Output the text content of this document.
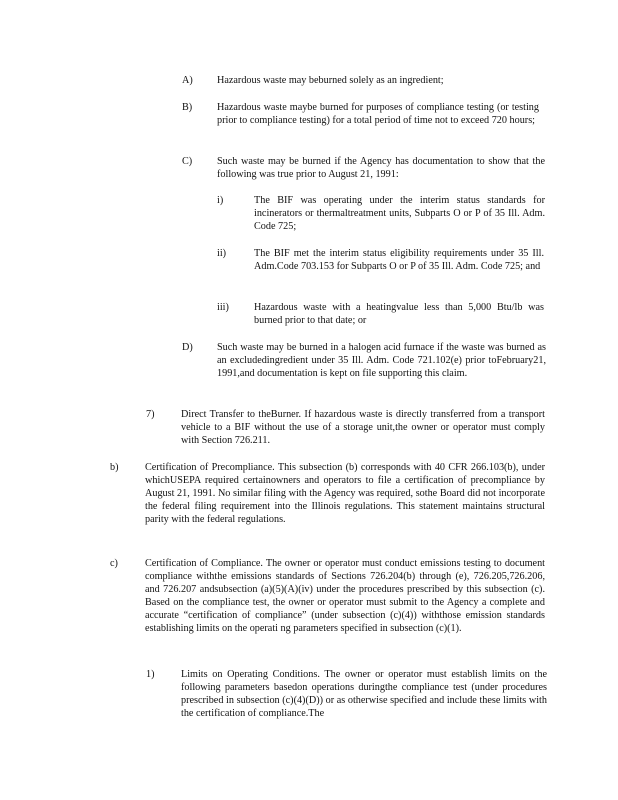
A) Hazardous waste may beburned solely as an ingredient;
B) Hazardous waste maybe burned for purposes of compliance testing (or testing prior to compliance testing) for a total period of time not to exceed 720 hours;
C) Such waste may be burned if the Agency has documentation to show that the following was true prior to August 21, 1991:
i)	The BIF was operating under the interim status standards for incinerators or thermaltreatment units, Subparts O or P of 35 Ill. Adm. Code 725;
ii)	The BIF met the interim status eligibility requirements under 35 Ill. Adm.Code 703.153 for Subparts O or P of 35 Ill. Adm. Code 725; and
iii) Hazardous waste with a heatingvalue less than 5,000 Btu/lb was burned prior to that date; or
D) Such waste may be burned in a halogen acid furnace if the waste was burned as an excludedingredient under 35 Ill. Adm. Code 721.102(e) prior toFebruary21, 1991,and documentation is kept on file supporting this claim.
7)	Direct Transfer to theBurner. If hazardous waste is directly transferred from a transport vehicle to a BIF without the use of a storage unit,the owner or operator must comply with Section 726.211.
b)	Certification of Precompliance. This subsection (b) corresponds with 40 CFR 266.103(b), under whichUSEPA required certainowners and operators to file a certification of precompliance by August 21, 1991. No similar filing with the Agency was required, sothe Board did not incorporate the federal filing requirement into the Illinois regulations. This statement maintains structural parity with the federal regulations.
c)	Certification of Compliance. The owner or operator must conduct emissions testing to document compliance withthe emissions standards of Sections 726.204(b) through (e), 726.205,726.206, and 726.207 andsubsection (a)(5)(A)(iv) under the procedures prescribed by this subsection (c). Based on the compliance test, the owner or operator must submit to the Agency a complete and accurate “certification of compliance” (under subsection (c)(4)) withthose emission standards establishing limits on the operati ng parameters specified in subsection (c)(1).
1)	Limits on Operating Conditions. The owner or operator must establish limits on the following parameters basedon operations duringthe compliance test (under procedures prescribed in subsection (c)(4)(D)) or as otherwise specified and include these limits with the certification of compliance.The
